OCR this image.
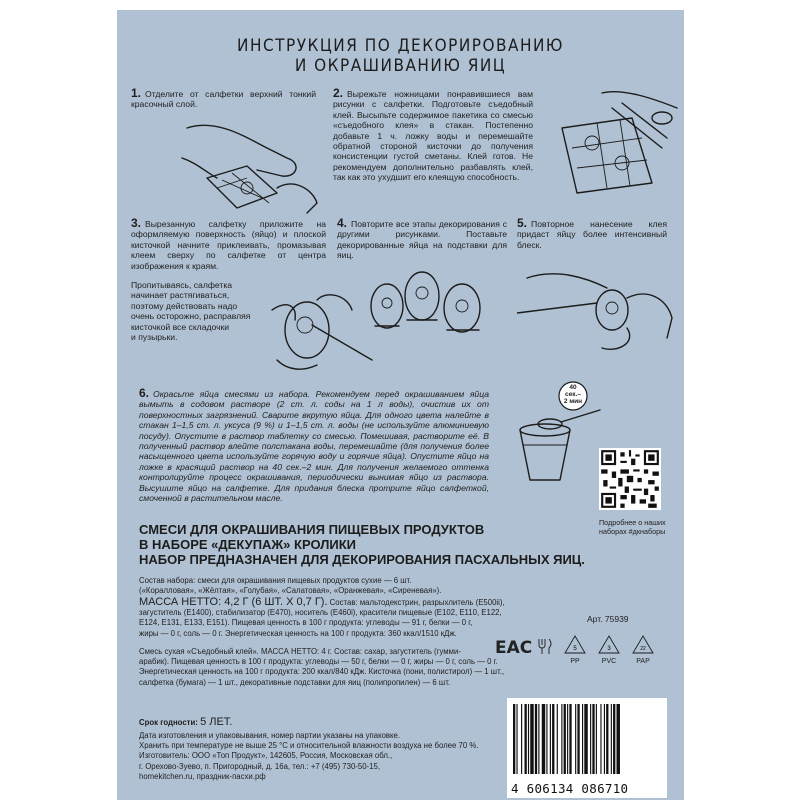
ИНСТРУКЦИЯ ПО ДЕКОРИРОВАНИЮ
И ОКРАШИВАНИЮ ЯИЦ
1. Отделите от салфетки верхний тонкий красочный слой.
2. Вырежьте ножницами понравившиеся вам рисунки с салфетки. Подготовьте съедобный клей. Высыпьте содержимое пакетика со смесью «съедобного клея» в стакан. Постепенно добавьте 1 ч. ложку воды и перемешайте обратной стороной кисточки до получения консистенции густой сметаны. Клей готов. Не рекомендуем дополнительно разбавлять клей, так как это ухудшит его клеящую способность.
3. Вырезанную салфетку приложите на оформляемую поверхность (яйцо) и плоской кисточкой начните приклеивать, промазывая клеем сверху по салфетке от центра изображения к краям.
Пропитываясь, салфетка
начинает растягиваться,
поэтому действовать надо
очень осторожно, расправляя
кисточкой все складочки
и пузырьки.
4. Повторите все этапы декорирования с другими рисунками. Поставьте декорированные яйца на подставки для яиц.
5. Повторное нанесение клея придаст яйцу более интенсивный блеск.
6. Окрасьте яйца смесями из набора. Рекомендуем перед окрашиванием яйца вымыть в содовом растворе (2 ст. л. соды на 1 л воды), очистив их от поверхностных загрязнений. Сварите вкрутую яйца. Для одного цвета налейте в стакан 1–1,5 ст. л. уксуса (9 %) и 1–1,5 ст. л. воды (не используйте алюминиевую посуду). Опустите в раствор таблетку со смесью. Помешивая, растворите её. В полученный раствор влейте полстакана воды, перемешайте (для получения более насыщенного цвета используйте горячую воду и горячие яйца). Опустите яйцо на ложке в красящий раствор на 40 сек.–2 мин. Для получения желаемого оттенка контролируйте процесс окрашивания, периодически вынимая яйцо из раствора. Высушите яйцо на салфетке. Для придания блеска протрите яйцо салфеткой, смоченной в растительном масле.
40 сек.–
2 мин
Подробнее о наших наборах #дкнаборы
СМЕСИ ДЛЯ ОКРАШИВАНИЯ ПИЩЕВЫХ ПРОДУКТОВ
В НАБОРЕ «ДЕКУПАЖ» КРОЛИКИ
НАБОР ПРЕДНАЗНАЧЕН ДЛЯ ДЕКОРИРОВАНИЯ ПАСХАЛЬНЫХ ЯИЦ.
Состав набора: смеси для окрашивания пищевых продуктов сухие — 6 шт.
(«Коралловая», «Жёлтая», «Голубая», «Салатовая», «Оранжевая», «Сиреневая»).
МАССА НЕТТО: 4,2 Г (6 ШТ. Х 0,7 Г). Состав: мальтодекстрин, разрыхлитель (E500ii),
загуститель (E1400), стабилизатор (E470), носитель (E460i), красители пищевые (E102, E110, E122,
E124, E131, E133, E151). Пищевая ценность в 100 г продукта: углеводы — 91 г, белки — 0 г,
жиры — 0 г, соль — 0 г. Энергетическая ценность на 100 г продукта: 360 ккал/1510 кДж.
Смесь сухая «Съедобный клей». МАССА НЕТТО: 4 г. Состав: сахар, загуститель (гумми-
арабик). Пищевая ценность в 100 г продукта: углеводы — 50 г, белки — 0 г, жиры — 0 г, соль — 0 г.
Энергетическая ценность на 100 г продукта: 200 ккал/840 кДж. Кисточка (пони, полистирол) — 1 шт.,
салфетка (бумага) — 1 шт., декоративные подставки для яиц (полипропилен) — 6 шт.
Арт. 75939
EAC	5
PP
3
PVC
22
PAP
Срок годности: 5 ЛЕТ.
Дата изготовления и упаковывания, номер партии указаны на упаковке.
Хранить при температуре не выше 25 °С и относительной влажности воздуха не более 70 %.
Изготовитель: ООО «Топ Продукт», 142605, Россия, Московская обл.,
г. Орехово-Зуево, п. Пригородный, д. 16а, тел.: +7 (495) 730-50-15,
homekitchen.ru, праздник-пасхи.рф
4 606134 086710
